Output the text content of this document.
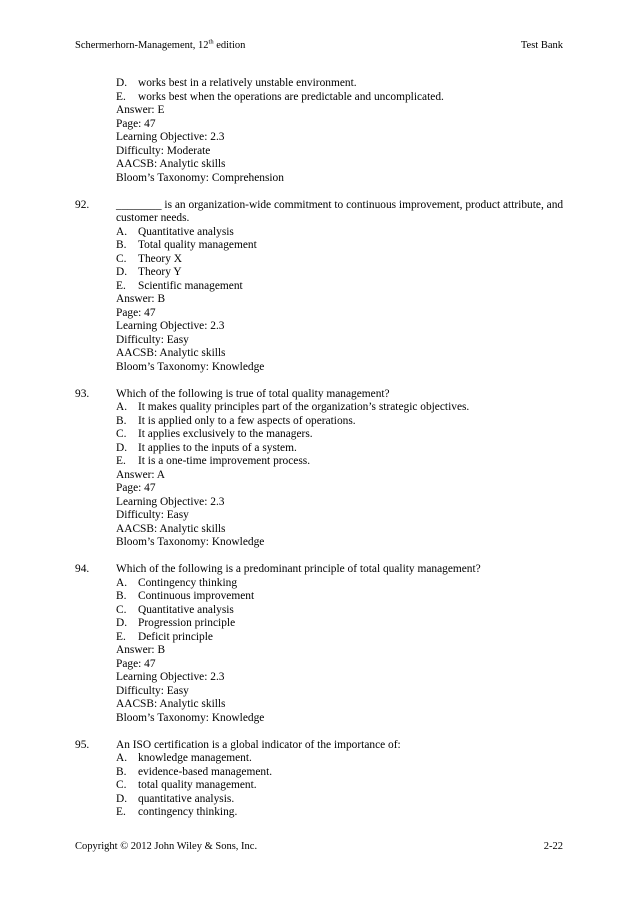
Schermerhorn-Management, 12th edition	Test Bank
D. works best in a relatively unstable environment.
E. works best when the operations are predictable and uncomplicated.
Answer: E
Page: 47
Learning Objective: 2.3
Difficulty: Moderate
AACSB: Analytic skills
Bloom’s Taxonomy: Comprehension
92.	________ is an organization-wide commitment to continuous improvement, product attribute, and customer needs.
A. Quantitative analysis
B. Total quality management
C. Theory X
D. Theory Y
E. Scientific management
Answer: B
Page: 47
Learning Objective: 2.3
Difficulty: Easy
AACSB: Analytic skills
Bloom’s Taxonomy: Knowledge
93.	Which of the following is true of total quality management?
A. It makes quality principles part of the organization’s strategic objectives.
B. It is applied only to a few aspects of operations.
C. It applies exclusively to the managers.
D. It applies to the inputs of a system.
E. It is a one-time improvement process.
Answer: A
Page: 47
Learning Objective: 2.3
Difficulty: Easy
AACSB: Analytic skills
Bloom’s Taxonomy: Knowledge
94.	Which of the following is a predominant principle of total quality management?
A. Contingency thinking
B. Continuous improvement
C. Quantitative analysis
D. Progression principle
E. Deficit principle
Answer: B
Page: 47
Learning Objective: 2.3
Difficulty: Easy
AACSB: Analytic skills
Bloom’s Taxonomy: Knowledge
95.	An ISO certification is a global indicator of the importance of:
A. knowledge management.
B. evidence-based management.
C. total quality management.
D. quantitative analysis.
E. contingency thinking.
Copyright © 2012 John Wiley & Sons, Inc.	2-22
